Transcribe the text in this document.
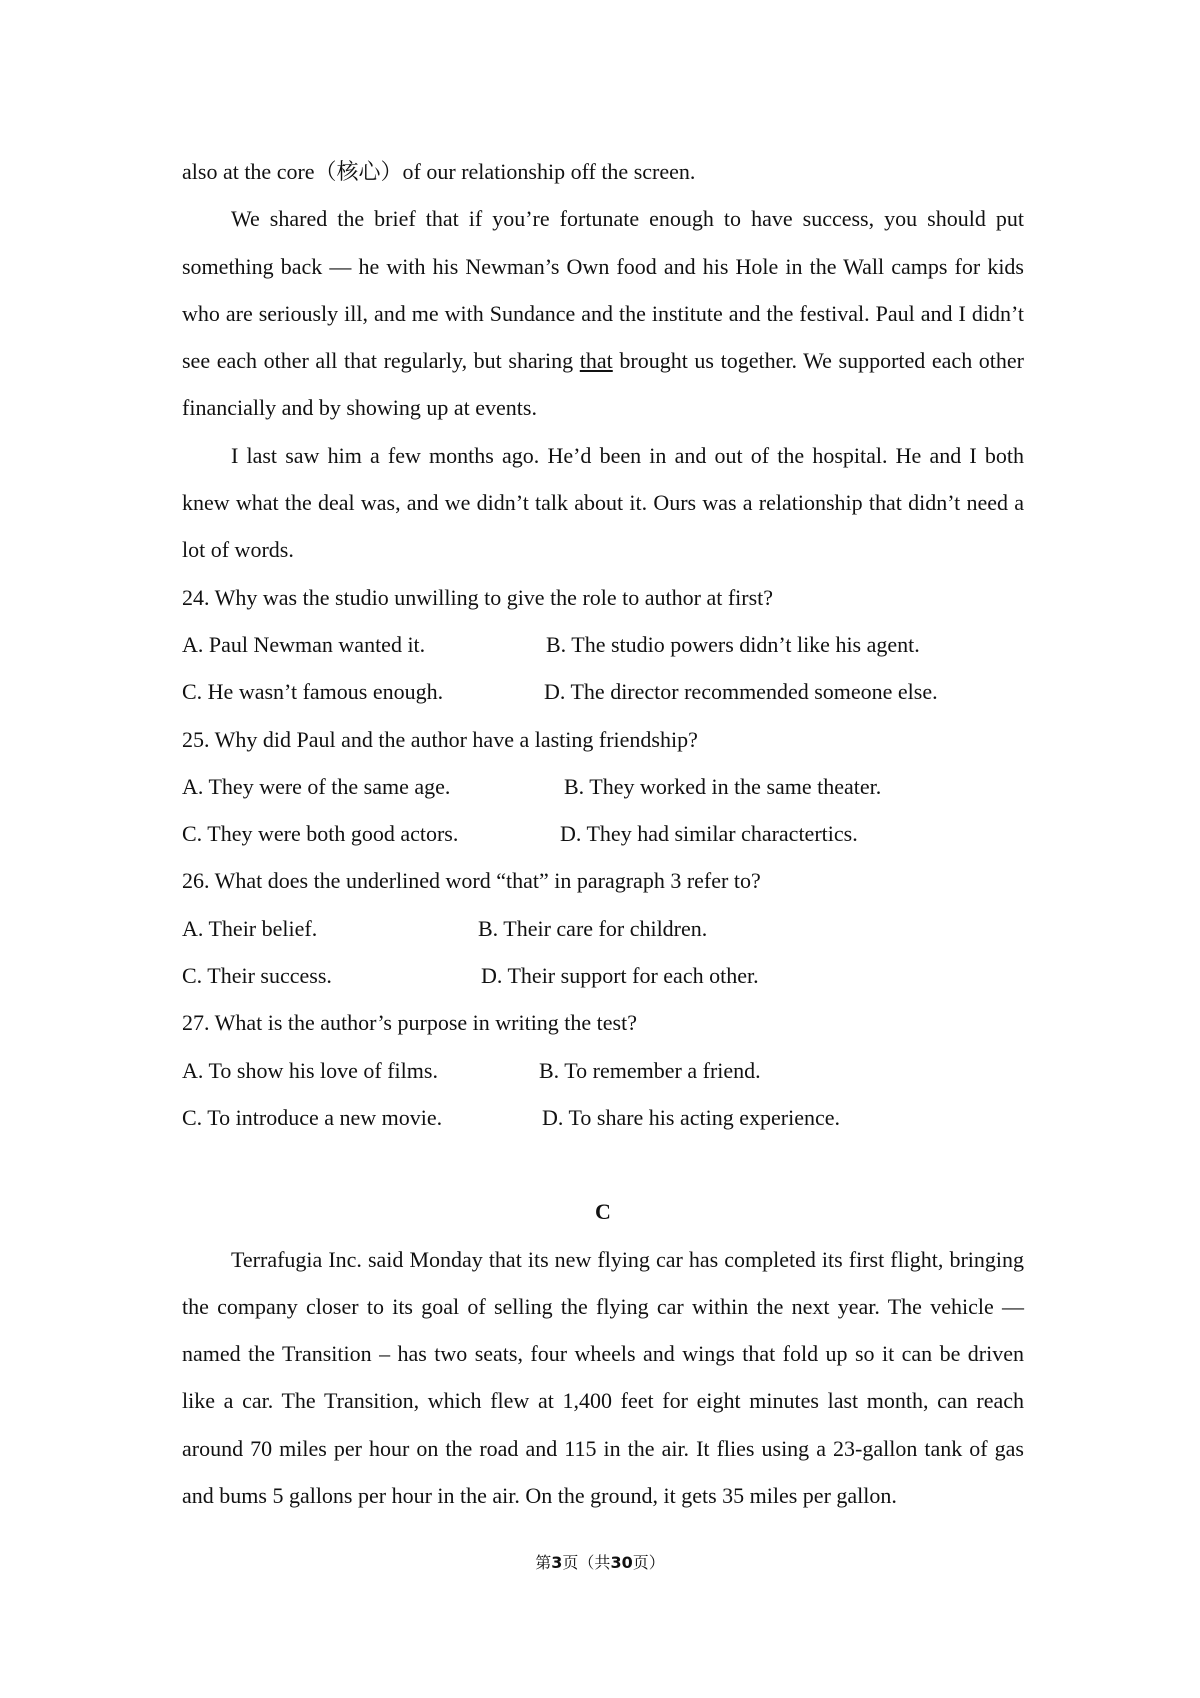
also at the core（核心）of our relationship off the screen.

We shared the brief that if you’re fortunate enough to have success, you should put something back — he with his Newman’s Own food and his Hole in the Wall camps for kids who are seriously ill, and me with Sundance and the institute and the festival. Paul and I didn’t see each other all that regularly, but sharing that brought us together. We supported each other financially and by showing up at events.

I last saw him a few months ago. He’d been in and out of the hospital. He and I both knew what the deal was, and we didn’t talk about it. Ours was a relationship that didn’t need a lot of words.

24. Why was the studio unwilling to give the role to author at first?

A. Paul Newman wanted it.	B. The studio powers didn’t like his agent.
C. He wasn’t famous enough.	D. The director recommended someone else.

25. Why did Paul and the author have a lasting friendship?

A. They were of the same age.	B. They worked in the same theater.
C. They were both good actors.	D. They had similar charactertics.

26. What does the underlined word “that” in paragraph 3 refer to?

A. Their belief.	B. Their care for children.
C. Their success.	D. Their support for each other.

27. What is the author’s purpose in writing the test?

A. To show his love of films.	B. To remember a friend.
C. To introduce a new movie.	D. To share his acting experience.

C

Terrafugia Inc. said Monday that its new flying car has completed its first flight, bringing the company closer to its goal of selling the flying car within the next year. The vehicle — named the Transition – has two seats, four wheels and wings that fold up so it can be driven like a car. The Transition, which flew at 1,400 feet for eight minutes last month, can reach around 70 miles per hour on the road and 115 in the air. It flies using a 23-gallon tank of gas and bums 5 gallons per hour in the air. On the ground, it gets 35 miles per gallon.

第3页（共30页）
